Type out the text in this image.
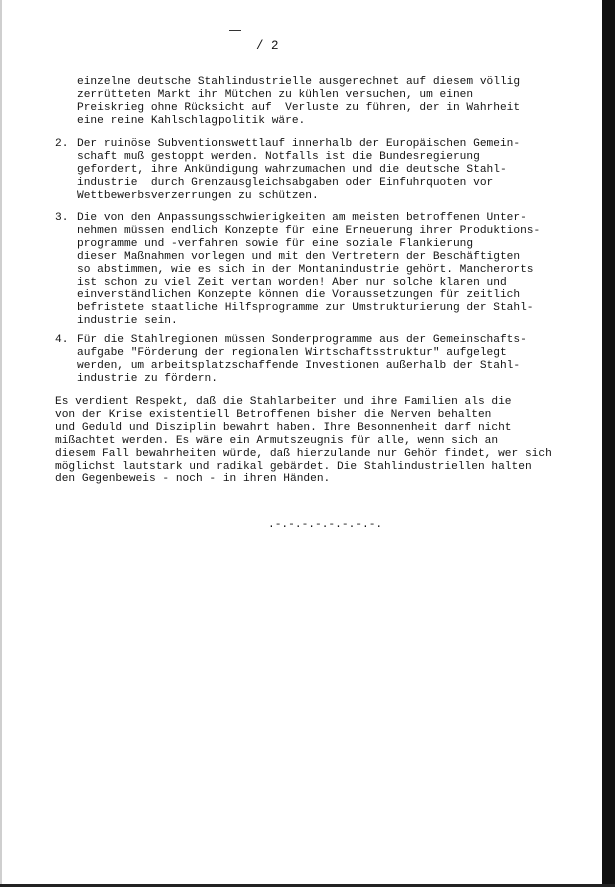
/ 2
einzelne deutsche Stahlindustrielle ausgerechnet auf diesem völlig
zerrütteten Markt ihr Mütchen zu kühlen versuchen, um einen
Preiskrieg ohne Rücksicht auf  Verluste zu führen, der in Wahrheit
eine reine Kahlschlagpolitik wäre.
2. Der ruinöse Subventionswettlauf innerhalb der Europäischen Gemein-
schaft muß gestoppt werden. Notfalls ist die Bundesregierung
gefordert, ihre Ankündigung wahrzumachen und die deutsche Stahl-
industrie  durch Grenzausgleichsabgaben oder Einfuhrquoten vor
Wettbewerbsverzerrungen zu schützen.
3. Die von den Anpassungsschwierigkeiten am meisten betroffenen Unter-
nehmen müssen endlich Konzepte für eine Erneuerung ihrer Produktions-
programme und -verfahren sowie für eine soziale Flankierung
dieser Maßnahmen vorlegen und mit den Vertretern der Beschäftigten
so abstimmen, wie es sich in der Montanindustrie gehört. Mancherorts
ist schon zu viel Zeit vertan worden! Aber nur solche klaren und
einverständlichen Konzepte können die Voraussetzungen für zeitlich
befristete staatliche Hilfsprogramme zur Umstrukturierung der Stahl-
industrie sein.
4. Für die Stahlregionen müssen Sonderprogramme aus der Gemeinschafts-
aufgabe "Förderung der regionalen Wirtschaftsstruktur" aufgelegt
werden, um arbeitsplatzschaffende Investionen außerhalb der Stahl-
industrie zu fördern.
Es verdient Respekt, daß die Stahlarbeiter und ihre Familien als die
von der Krise existentiell Betroffenen bisher die Nerven behalten
und Geduld und Disziplin bewahrt haben. Ihre Besonnenheit darf nicht
mißachtet werden. Es wäre ein Armutszeugnis für alle, wenn sich an
diesem Fall bewahrheiten würde, daß hierzulande nur Gehör findet, wer sich
möglichst lautstark und radikal gebärdet. Die Stahlindustriellen halten
den Gegenbeweis - noch - in ihren Händen.
.-.-.-.-.-.-.-.-.
